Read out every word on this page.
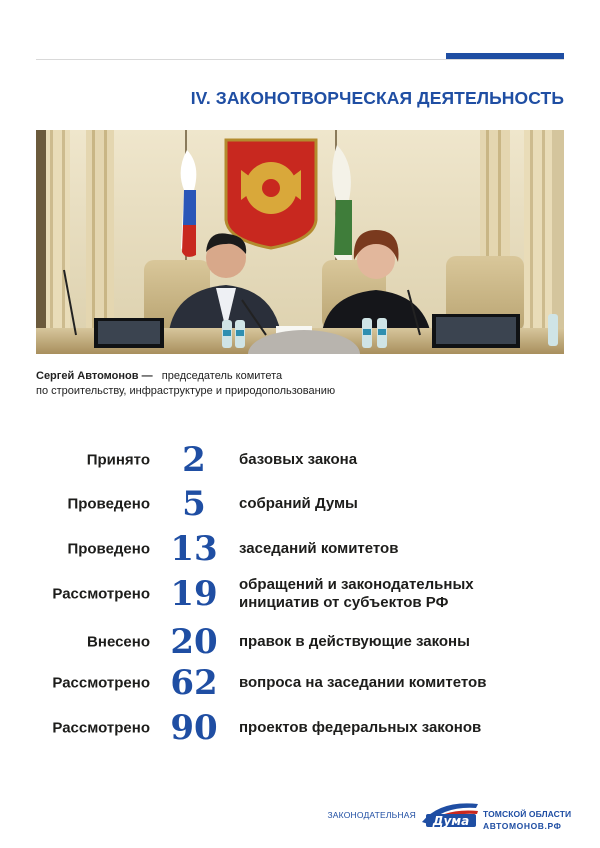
IV. ЗАКОНОТВОРЧЕСКАЯ ДЕЯТЕЛЬНОСТЬ
Сергей Автомонов — председатель комитета
по строительству, инфраструктуре и природопользованию
Принято 2	базовых закона
Проведено 5	собраний Думы
Проведено 13	заседаний комитетов
Рассмотрено 19	обращений и законодательных
инициатив от субъектов РФ
Внесено 20	правок в действующие законы
Рассмотрено 62	вопроса на заседании комитетов
Рассмотрено 90	проектов федеральных законов
ЗАКОНОДАТЕЛЬНАЯ Дума ТОМСКОЙ ОБЛАСТИ
АВТОМОНОВ.РФ
